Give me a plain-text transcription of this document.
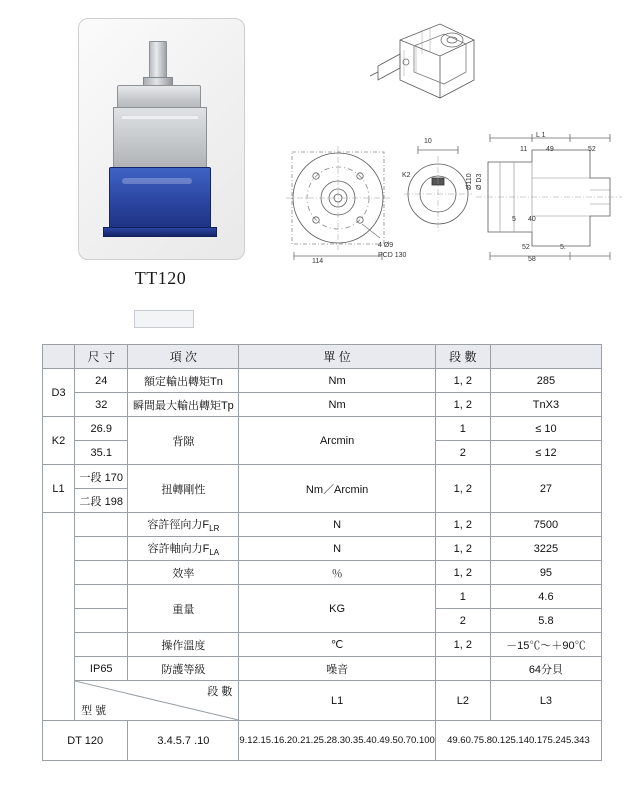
TT120
114
4 Ø9
PCD 130
10
K2	Ø110 Ø D3
L 1
11	49	52
5 40
52	5.
58
	尺 寸	項 次	單 位	段 數	
D3	24	額定輸出轉矩Tn	Nm	1, 2	285
	32	瞬間最大輸出轉矩Tp	Nm	1, 2	TnX3
K2	26.9	背隙	Arcmin	1	≤ 10
	35.1			2	≤ 12
L1	一段 170	扭轉剛性	Nm／Arcmin	1, 2	27
	二段 198				
		容許徑向力$F_{LR}$	N	1, 2	7500
		容許軸向力$F_{LA}$	N	1, 2	3225
		效率	％	1, 2	95
		重量	KG	1	4.6
				2	5.8
		操作溫度	℃	1, 2	－15℃～＋90℃
	IP65	防護等級	噪音		64分貝

	段 數
型 號		L1	L2	L3
DT 120		3.4.5.7 .10	9.12.15.16.20.21.25.28.30.35.40.49.50.70.100	49.60.75.80.125.140.175.245.343	
